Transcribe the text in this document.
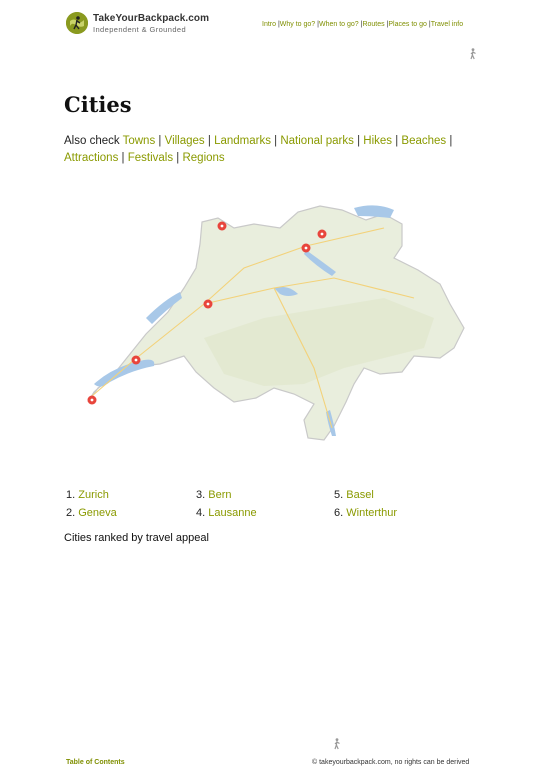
TakeYourBackpack.com
Independent & Grounded
Intro |Why to go? |When to go? |Routes |Places to go |Travel info
Cities
Also check Towns | Villages | Landmarks | National parks | Hikes | Beaches |
Attractions | Festivals | Regions
1. Zurich
2. Geneva
3. Bern
4. Lausanne
5. Basel
6. Winterthur
Cities ranked by travel appeal
Table of Contents	© takeyourbackpack.com, no rights can be derived
